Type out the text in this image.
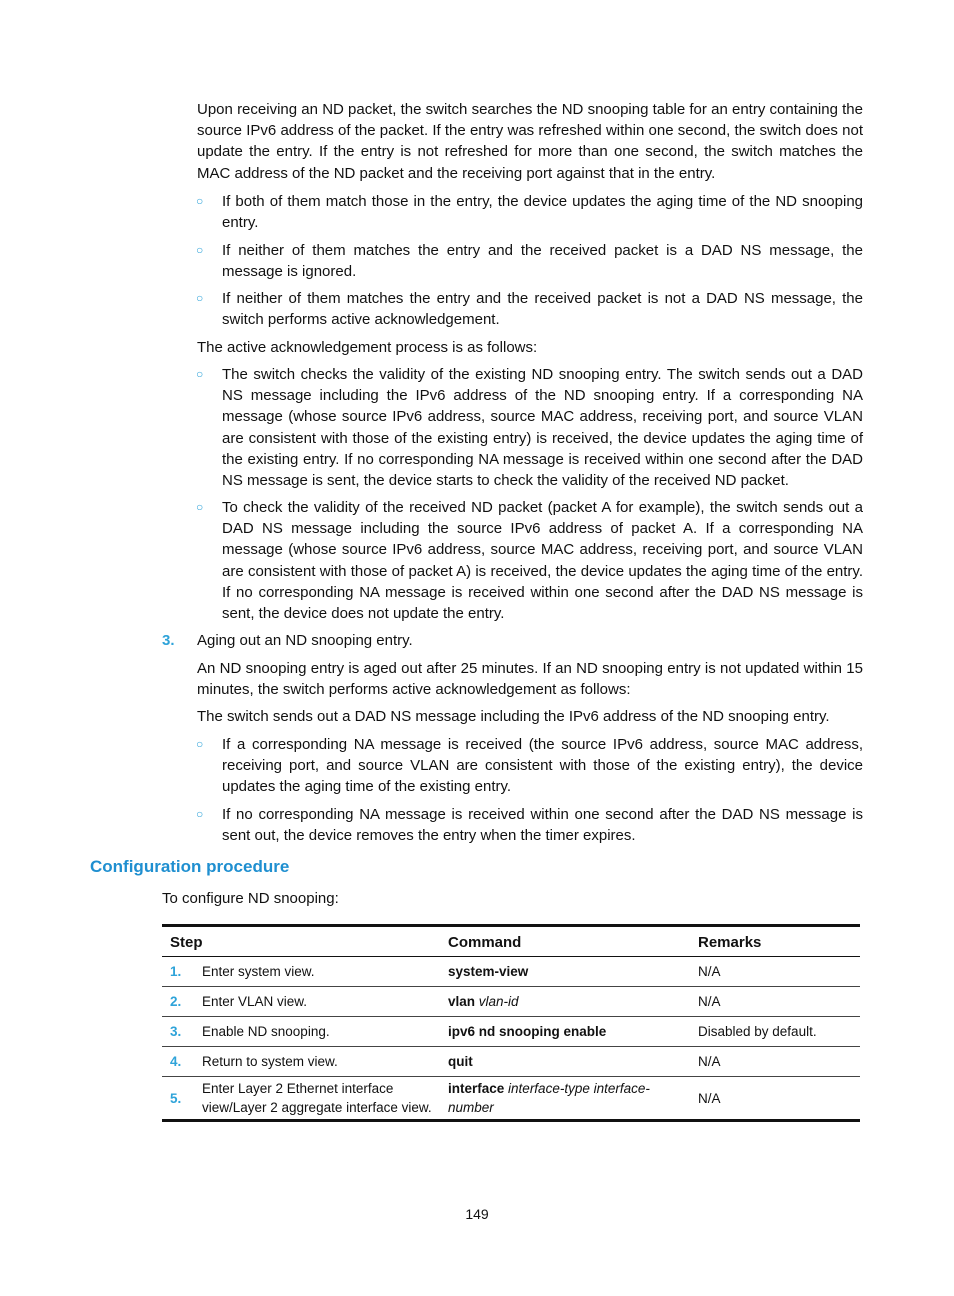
Upon receiving an ND packet, the switch searches the ND snooping table for an entry containing the source IPv6 address of the packet. If the entry was refreshed within one second, the switch does not update the entry. If the entry is not refreshed for more than one second, the switch matches the MAC address of the ND packet and the receiving port against that in the entry.
○ If both of them match those in the entry, the device updates the aging time of the ND snooping entry.
○ If neither of them matches the entry and the received packet is a DAD NS message, the message is ignored.
○ If neither of them matches the entry and the received packet is not a DAD NS message, the switch performs active acknowledgement.
The active acknowledgement process is as follows:
○ The switch checks the validity of the existing ND snooping entry. The switch sends out a DAD NS message including the IPv6 address of the ND snooping entry. If a corresponding NA message (whose source IPv6 address, source MAC address, receiving port, and source VLAN are consistent with those of the existing entry) is received, the device updates the aging time of the existing entry. If no corresponding NA message is received within one second after the DAD NS message is sent, the device starts to check the validity of the received ND packet.
○ To check the validity of the received ND packet (packet A for example), the switch sends out a DAD NS message including the source IPv6 address of packet A. If a corresponding NA message (whose source IPv6 address, source MAC address, receiving port, and source VLAN are consistent with those of packet A) is received, the device updates the aging time of the entry. If no corresponding NA message is received within one second after the DAD NS message is sent, the device does not update the entry.
3. Aging out an ND snooping entry.
An ND snooping entry is aged out after 25 minutes. If an ND snooping entry is not updated within 15 minutes, the switch performs active acknowledgement as follows:
The switch sends out a DAD NS message including the IPv6 address of the ND snooping entry.
○ If a corresponding NA message is received (the source IPv6 address, source MAC address, receiving port, and source VLAN are consistent with those of the existing entry), the device updates the aging time of the existing entry.
○ If no corresponding NA message is received within one second after the DAD NS message is sent out, the device removes the entry when the timer expires.
Configuration procedure
To configure ND snooping:
Step		Command	Remarks
1.	Enter system view.	system-view	N/A
2.	Enter VLAN view.	vlan vlan-id	N/A
3.	Enable ND snooping.	ipv6 nd snooping enable	Disabled by default.
4.	Return to system view.	quit	N/A
5.	Enter Layer 2 Ethernet interface view/Layer 2 aggregate interface view.	interface interface-type interface-number	N/A
149
